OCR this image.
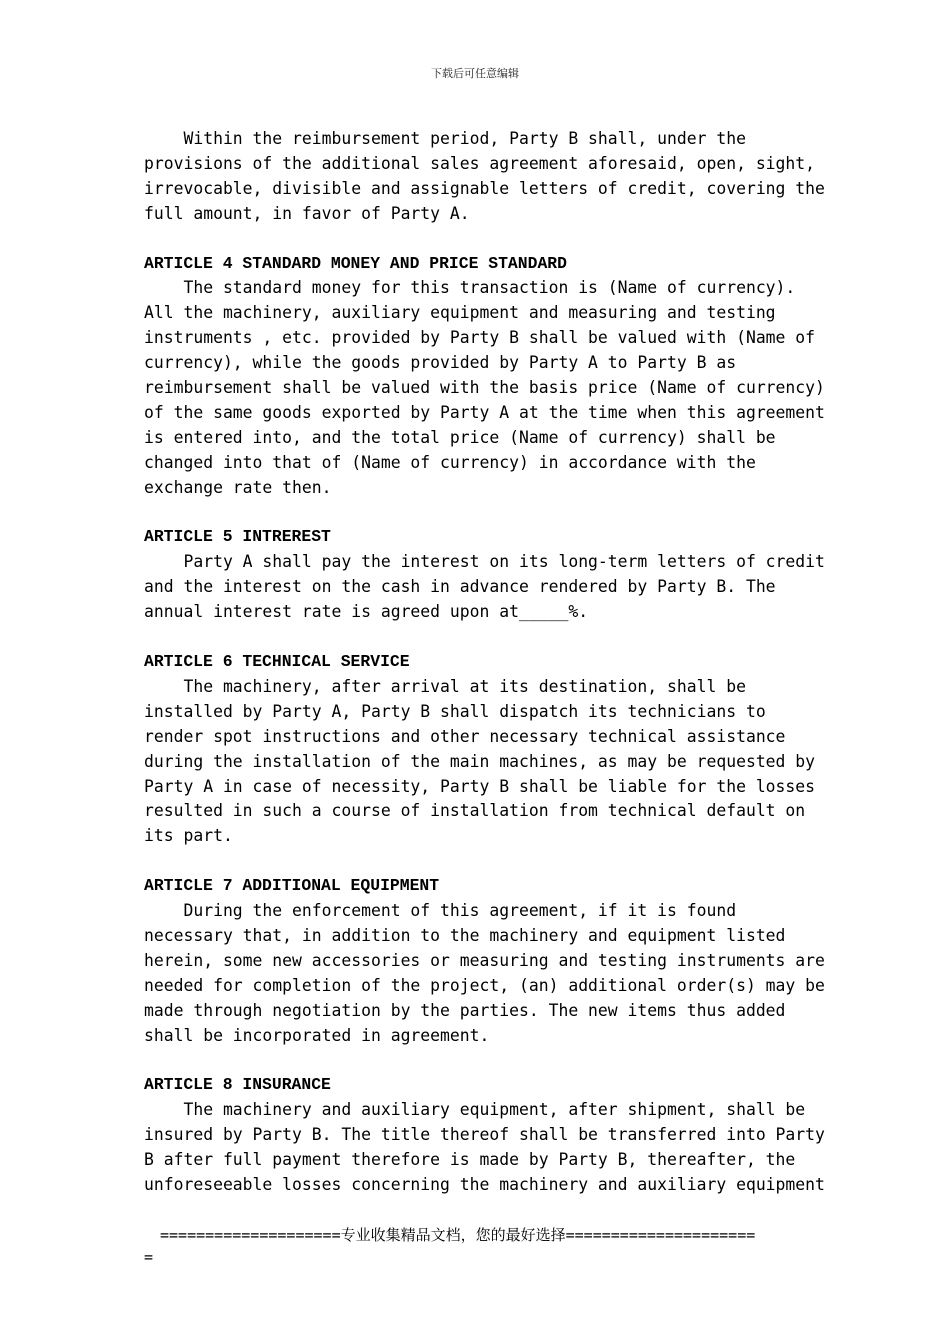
下载后可任意编辑
Within the reimbursement period, Party B shall, under the
provisions of the additional sales agreement aforesaid, open, sight,
irrevocable, divisible and assignable letters of credit, covering the
full amount, in favor of Party A.
ARTICLE 4 STANDARD MONEY AND PRICE STANDARD
The standard money for this transaction is (Name of currency).
All the machinery, auxiliary equipment and measuring and testing
instruments , etc. provided by Party B shall be valued with (Name of
currency), while the goods provided by Party A to Party B as
reimbursement shall be valued with the basis price (Name of currency)
of the same goods exported by Party A at the time when this agreement
is entered into, and the total price (Name of currency) shall be
changed into that of (Name of currency) in accordance with the
exchange rate then.
ARTICLE 5 INTREREST
Party A shall pay the interest on its long-term letters of credit
and the interest on the cash in advance rendered by Party B. The
annual interest rate is agreed upon at_____%.
ARTICLE 6 TECHNICAL SERVICE
The machinery, after arrival at its destination, shall be
installed by Party A, Party B shall dispatch its technicians to
render spot instructions and other necessary technical assistance
during the installation of the main machines, as may be requested by
Party A in case of necessity, Party B shall be liable for the losses
resulted in such a course of installation from technical default on
its part.
ARTICLE 7 ADDITIONAL EQUIPMENT
During the enforcement of this agreement, if it is found
necessary that, in addition to the machinery and equipment listed
herein, some new accessories or measuring and testing instruments are
needed for completion of the project, (an) additional order(s) may be
made through negotiation by the parties. The new items thus added
shall be incorporated in agreement.
ARTICLE 8 INSURANCE
The machinery and auxiliary equipment, after shipment, shall be
insured by Party B. The title thereof shall be transferred into Party
B after full payment therefore is made by Party B, thereafter, the
unforeseeable losses concerning the machinery and auxiliary equipment
====================专业收集精品文档，您的最好选择=====================
=
